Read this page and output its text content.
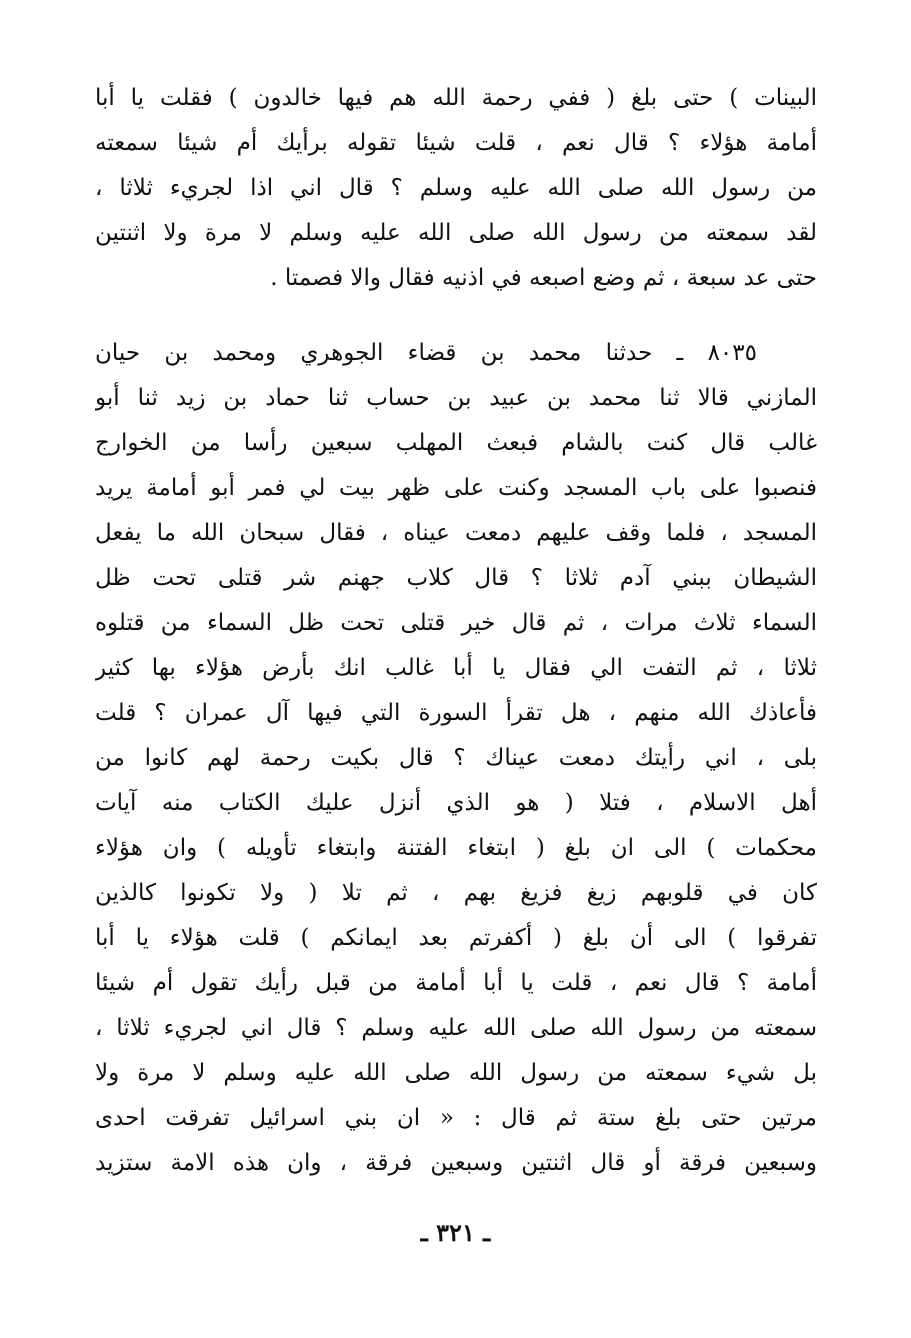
البينات ) حتى بلغ ( ففي رحمة الله هم فيها خالدون ) فقلت يا أبا
أمامة هؤلاء ؟ قال نعم ، قلت شيئا تقوله برأيك أم شيئا سمعته
من رسول الله صلى الله عليه وسلم ؟ قال اني اذا لجريء ثلاثا ،
لقد سمعته من رسول الله صلى الله عليه وسلم لا مرة ولا اثنتين
حتى عد سبعة ، ثم وضع اصبعه في اذنيه فقال والا فصمتا .
٨٠٣٥ ـ حدثنا محمد بن قضاء الجوهري ومحمد بن حيان
المازني قالا ثنا محمد بن عبيد بن حساب ثنا حماد بن زيد ثنا أبو
غالب قال كنت بالشام فبعث المهلب سبعين رأسا من الخوارج
فنصبوا على باب المسجد وكنت على ظهر بيت لي فمر أبو أمامة يريد
المسجد ، فلما وقف عليهم دمعت عيناه ، فقال سبحان الله ما يفعل
الشيطان ببني آدم ثلاثا ؟ قال كلاب جهنم شر قتلى تحت ظل
السماء ثلاث مرات ، ثم قال خير قتلى تحت ظل السماء من قتلوه
ثلاثا ، ثم التفت الي فقال يا أبا غالب انك بأرض هؤلاء بها كثير
فأعاذك الله منهم ، هل تقرأ السورة التي فيها آل عمران ؟ قلت
بلى ، اني رأيتك دمعت عيناك ؟ قال بكيت رحمة لهم كانوا من
أهل الاسلام ، فتلا ( هو الذي أنزل عليك الكتاب منه آيات
محكمات ) الى ان بلغ ( ابتغاء الفتنة وابتغاء تأويله ) وان هؤلاء
كان في قلوبهم زيغ فزيغ بهم ، ثم تلا ( ولا تكونوا كالذين
تفرقوا ) الى أن بلغ ( أكفرتم بعد ايمانكم ) قلت هؤلاء يا أبا
أمامة ؟ قال نعم ، قلت يا أبا أمامة من قبل رأيك تقول أم شيئا
سمعته من رسول الله صلى الله عليه وسلم ؟ قال اني لجريء ثلاثا ،
بل شيء سمعته من رسول الله صلى الله عليه وسلم لا مرة ولا
مرتين حتى بلغ ستة ثم قال : « ان بني اسرائيل تفرقت احدى
وسبعين فرقة أو قال اثنتين وسبعين فرقة ، وان هذه الامة ستزيد
ـ ٣٢١ ـ
